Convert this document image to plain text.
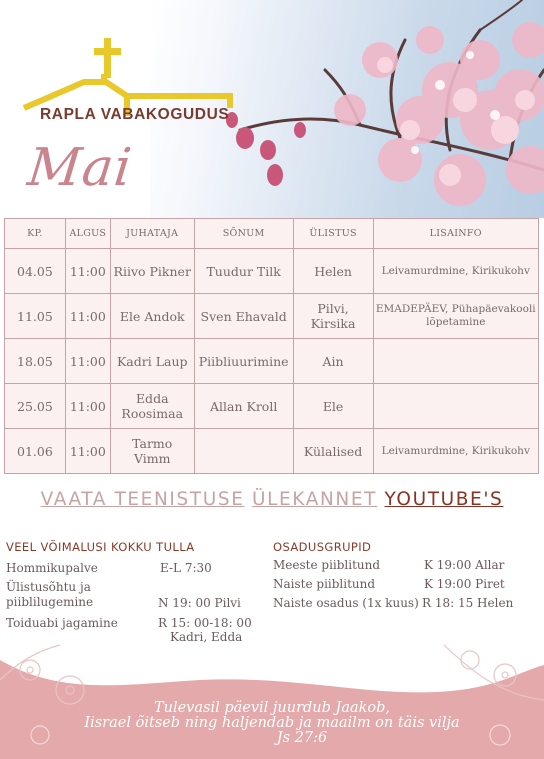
RAPLA VABAKOGUDUS
Mai
KP.	ALGUS	JUHATAJA	SÕNUM	ÜLISTUS	LISAINFO
04.05	11:00	Riivo Pikner	Tuudur Tilk	Helen	Leivamurdmine, Kirikukohv
11.05	11:00	Ele Andok	Sven Ehavald	Pilvi, Kirsika	EMADEPÄEV, Pühapäevakooli lõpetamine
18.05	11:00	Kadri Laup	Piibliuurimine	Ain	
25.05	11:00	Edda Roosimaa	Allan Kroll	Ele	
01.06	11:00	Tarmo Vimm		Külalised	Leivamurdmine, Kirikukohv
VAATA TEENISTUSE ÜLEKANNET YOUTUBE'S
VEEL VÕIMALUSI KOKKU TULLA
Hommikupalve	E-L 7:30
Ülistusõhtu ja piiblilugemine	N 19: 00 Pilvi
Toiduabi jagamine	R 15: 00-18: 00
Kadri, Edda
OSADUSGRUPID
Meeste piiblitund	K 19:00 Allar
Naiste piiblitund	K 19:00 Piret
Naiste osadus (1x kuus) R 18: 15 Helen
Tulevasil päevil juurdub Jaakob,
Iisrael õitseb ning haljendab ja maailm on täis vilja
Js 27:6
